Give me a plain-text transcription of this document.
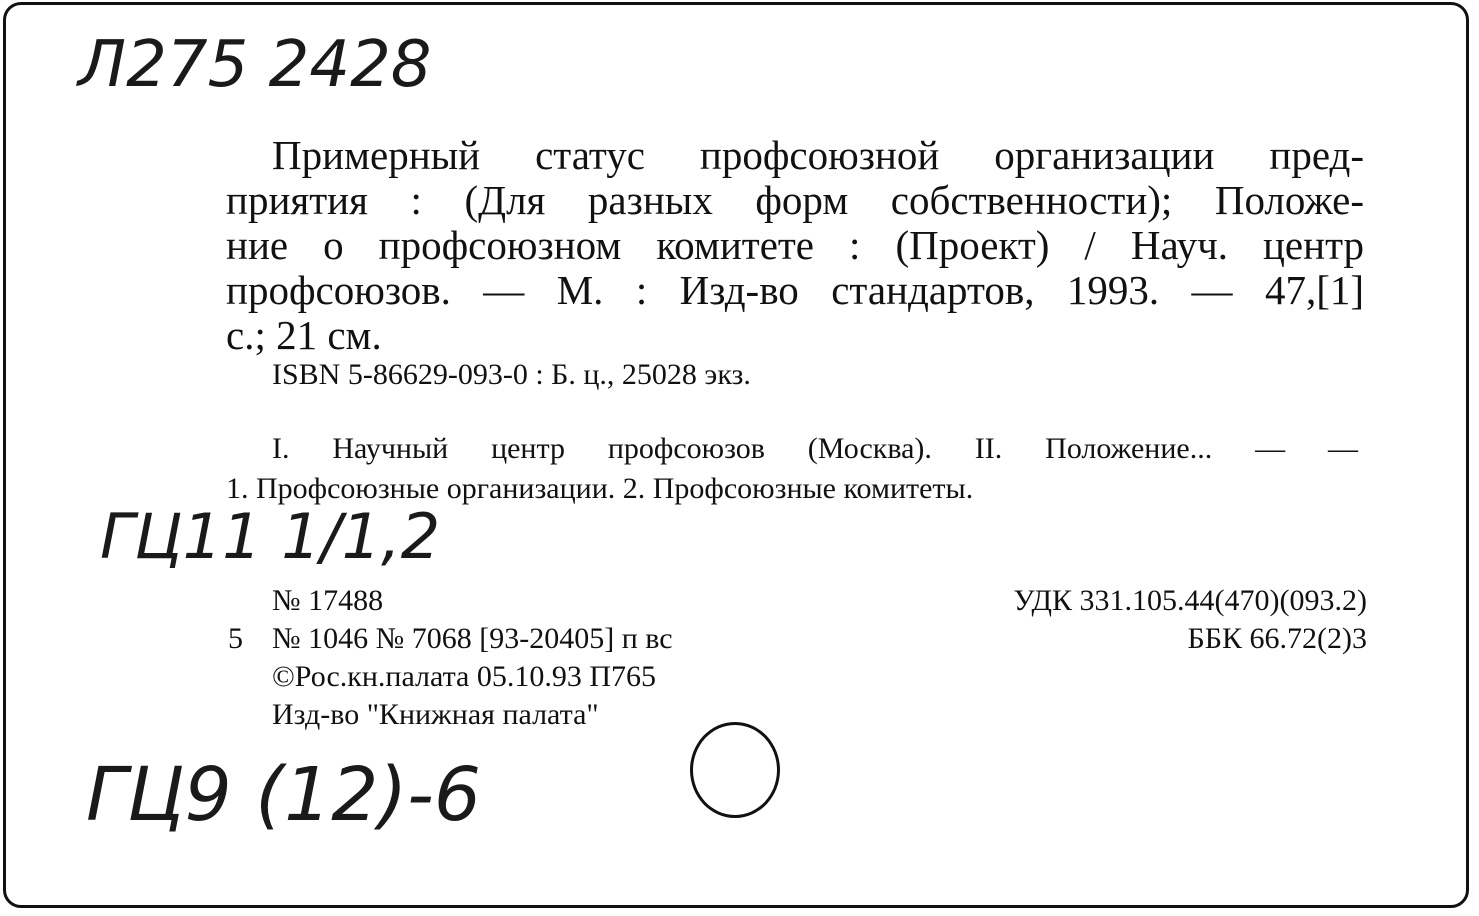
Л275 2428
Примерный статус профсоюзной организации пред-
приятия : (Для разных форм собственности); Положе-
ние о профсоюзном комитете : (Проект) / Науч. центр
профсоюзов. — М. : Изд-во стандартов, 1993. — 47,[1]
с.; 21 см.
ISBN 5-86629-093-0 : Б. ц., 25028 экз.
I. Научный центр профсоюзов (Москва). II. Положение... — —
1. Профсоюзные организации. 2. Профсоюзные комитеты.
ГЦ11 1/1,2
№ 17488	УДК 331.105.44(470)(093.2)
5 № 1046 № 7068 [93-20405] п вс	ББК 66.72(2)3
©Рос.кн.палата 05.10.93 П765
Изд-во "Книжная палата"
ГЦ9 (12)-6
